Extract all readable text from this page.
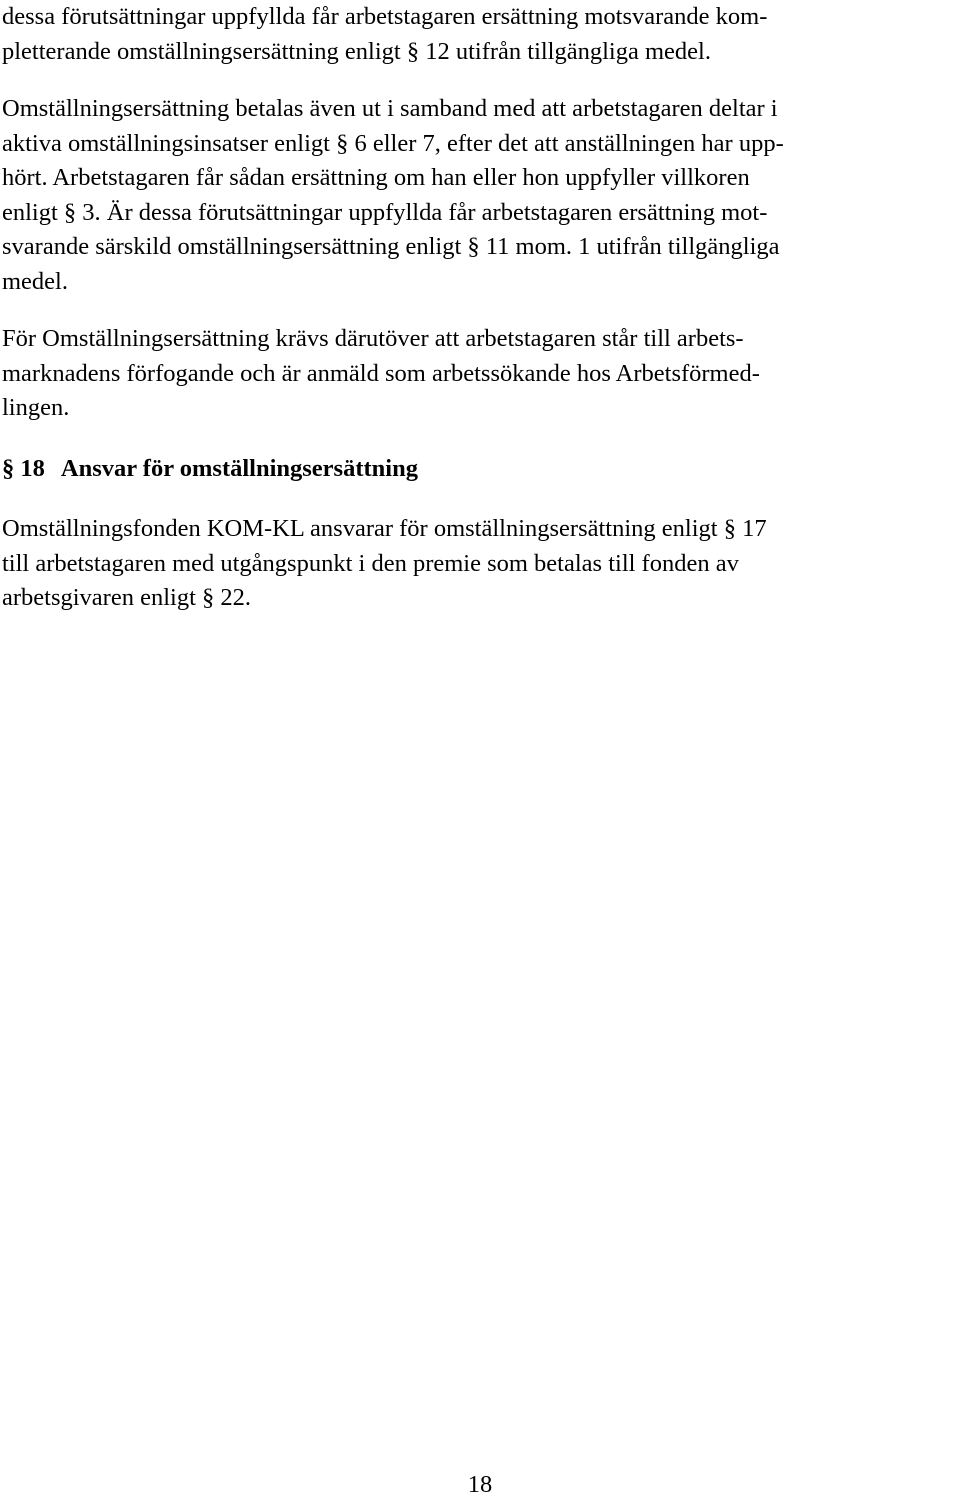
dessa förutsättningar uppfyllda får arbetstagaren ersättning motsvarande kom-
pletterande omställningsersättning enligt § 12 utifrån tillgängliga medel.

Omställningsersättning betalas även ut i samband med att arbetstagaren deltar i
aktiva omställningsinsatser enligt § 6 eller 7, efter det att anställningen har upp-
hört. Arbetstagaren får sådan ersättning om han eller hon uppfyller villkoren
enligt § 3. Är dessa förutsättningar uppfyllda får arbetstagaren ersättning mot-
svarande särskild omställningsersättning enligt § 11 mom. 1 utifrån tillgängliga
medel.

För Omställningsersättning krävs därutöver att arbetstagaren står till arbets-
marknadens förfogande och är anmäld som arbetssökande hos Arbetsförmed-
lingen.

§ 18 Ansvar för omställningsersättning

Omställningsfonden KOM-KL ansvarar för omställningsersättning enligt § 17
till arbetstagaren med utgångspunkt i den premie som betalas till fonden av
arbetsgivaren enligt § 22.

18
